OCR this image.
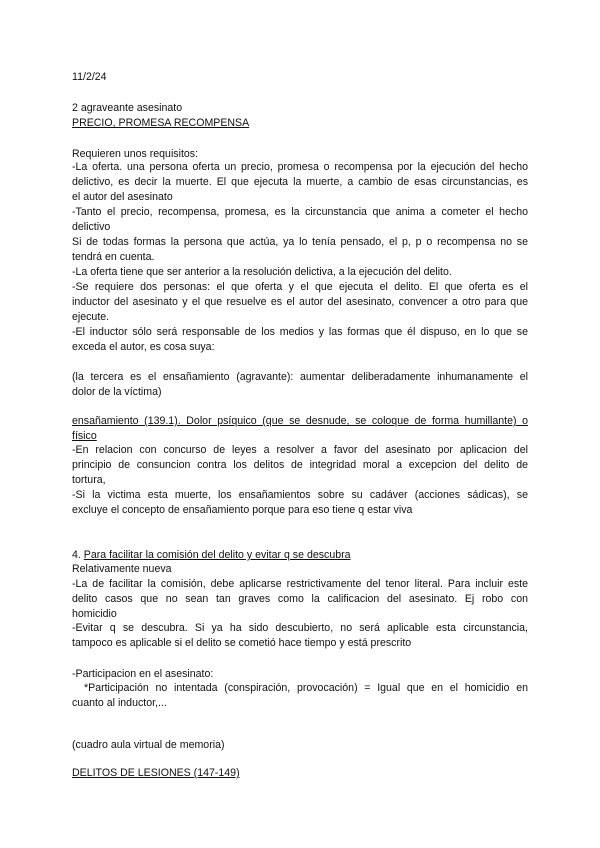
11/2/24

2 agraveante asesinato

PRECIO, PROMESA RECOMPENSA

Requieren unos requisitos:

-La oferta. una persona oferta un precio, promesa o recompensa por la ejecución del hecho

delictivo, es decir la muerte. El que ejecuta la muerte, a cambio de esas circunstancias, es

el autor del asesinato

-Tanto el precio, recompensa, promesa, es la circunstancia que anima a cometer el hecho

delictivo

Si de todas formas la persona que actúa, ya lo tenía pensado, el p, p o recompensa no se

tendrá en cuenta.

-La oferta tiene que ser anterior a la resolución delictiva, a la ejecución del delito.

-Se requiere dos personas: el que oferta y el que ejecuta el delito. El que oferta es el

inductor del asesinato y el que resuelve es el autor del asesinato, convencer a otro para que

ejecute.

-El inductor sólo será responsable de los medios y las formas que él dispuso, en lo que se

exceda el autor, es cosa suya:

(la tercera es el ensañamiento (agravante): aumentar deliberadamente inhumanamente el

dolor de la víctima)

ensañamiento (139.1). Dolor psíquico (que se desnude, se coloque de forma humillante) o

físico

-En relacion con concurso de leyes a resolver a favor del asesinato por aplicacion del

principio de consuncion contra los delitos de integridad moral a excepcion del delito de

tortura,

-Si la victima esta muerte, los ensañamientos sobre su cadáver (acciones sádicas), se

excluye el concepto de ensañamiento porque para eso tiene q estar viva

4. Para facilitar la comisión del delito y evitar q se descubra

Relativamente nueva

-La de facilitar la comisión, debe aplicarse restrictivamente del tenor literal. Para incluir este

delito casos que no sean tan graves como la calificacion del asesinato. Ej robo con

homicidio

-Evitar q se descubra. Si ya ha sido descubierto, no será aplicable esta circunstancia,

tampoco es aplicable si el delito se cometió hace tiempo y está prescrito

-Participacion en el asesinato:

*Participación no intentada (conspiración, provocación) = Igual que en el homicidio en

cuanto al inductor,...

(cuadro aula virtual de memoria)

DELITOS DE LESIONES (147-149)
